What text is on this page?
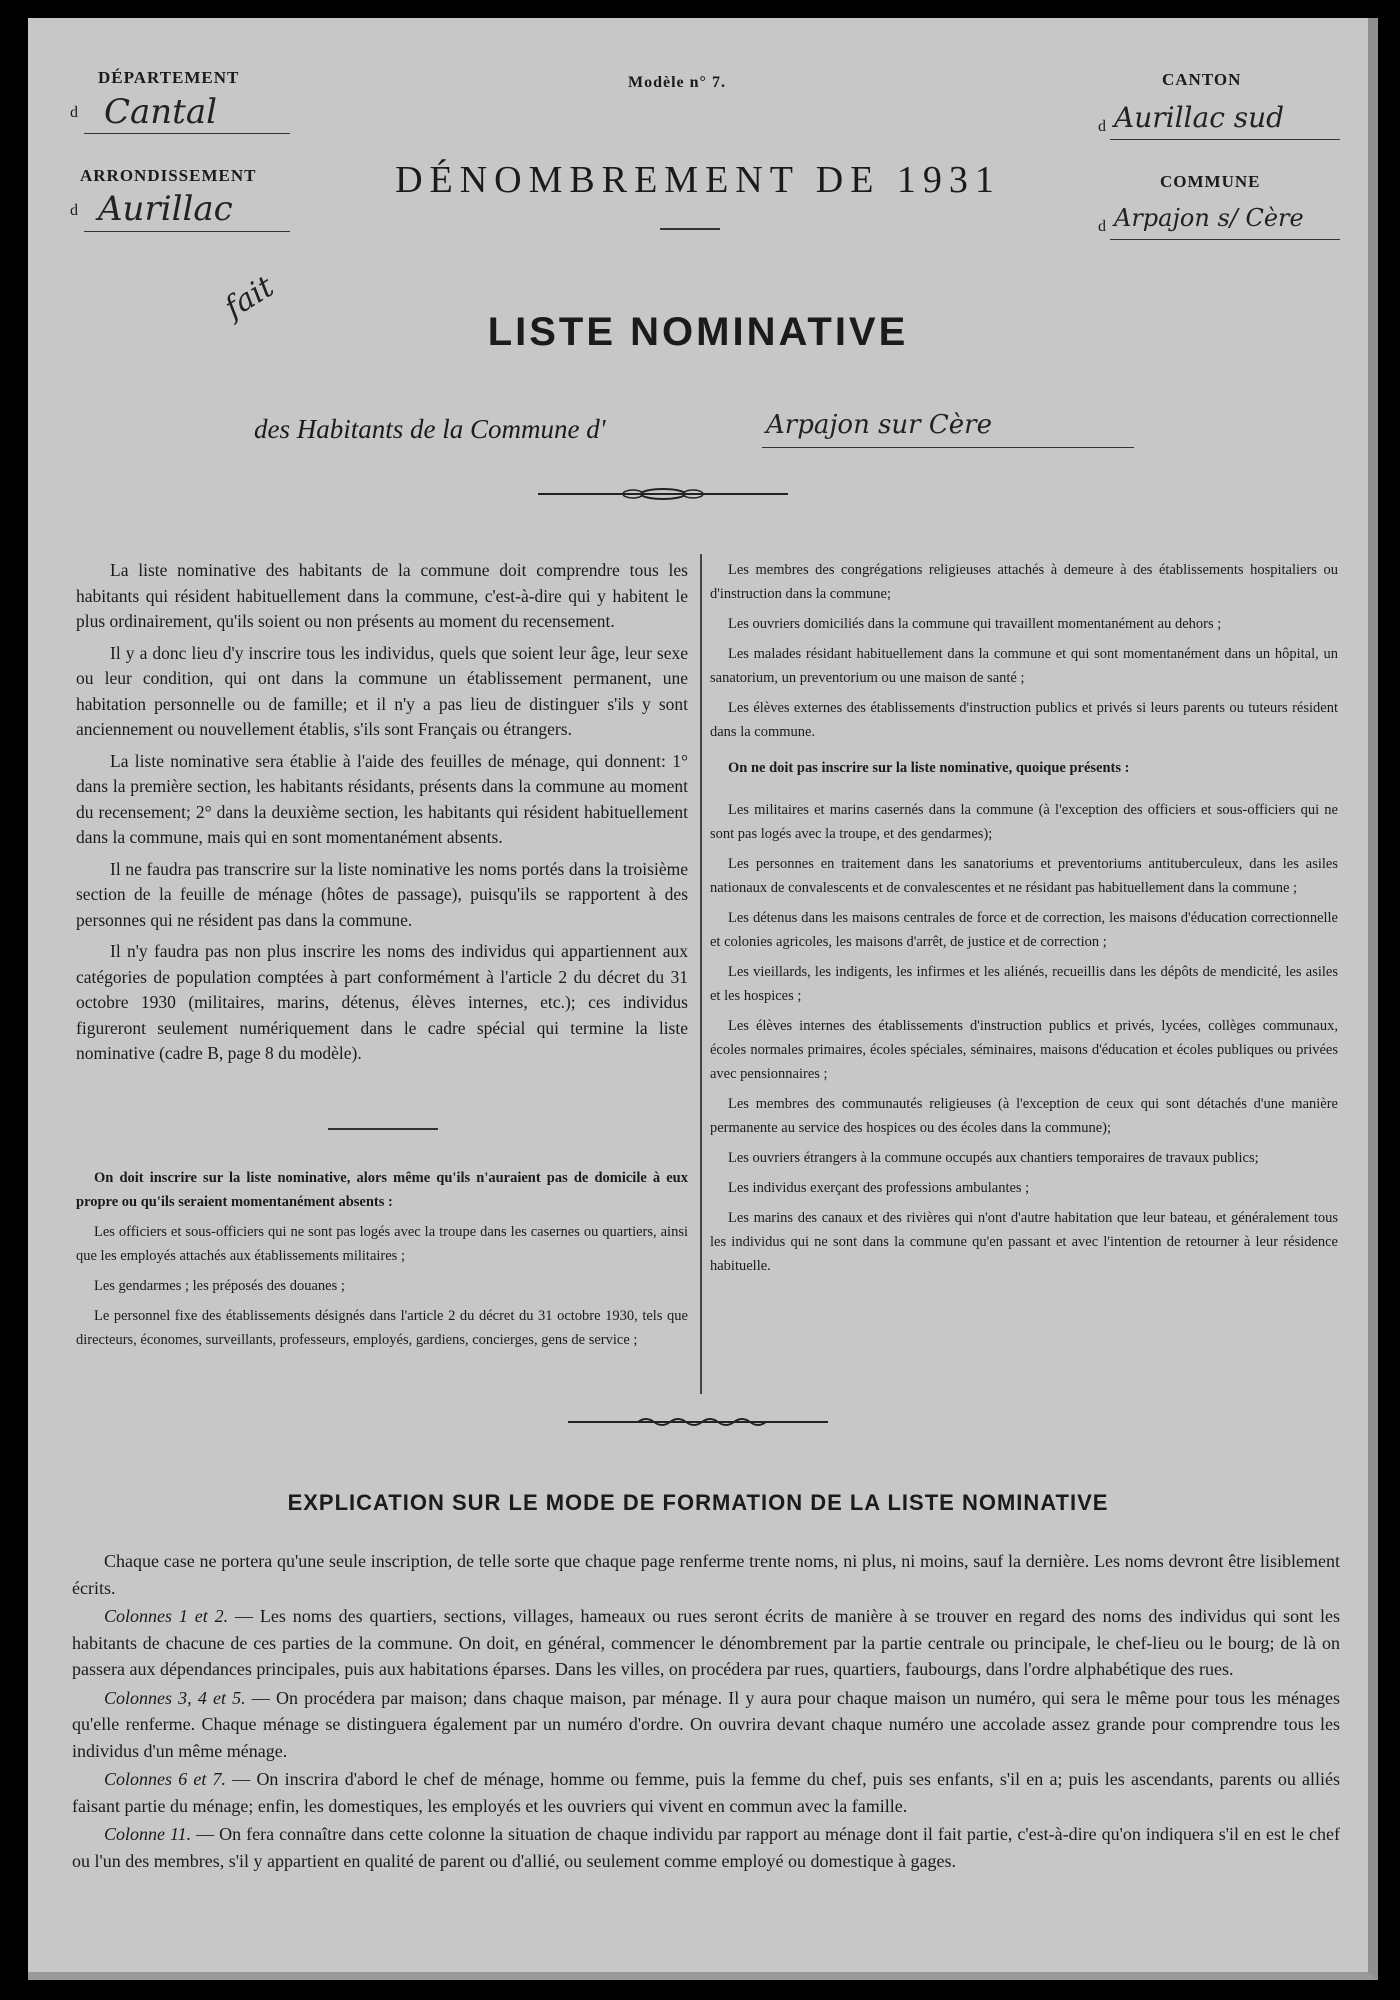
DÉPARTEMENT
d Cantal
ARRONDISSEMENT
d Aurillac
Modèle n° 7.
DÉNOMBREMENT DE 1931
CANTON
d Aurillac sud
COMMUNE
d Arpajon s/ Cère
fait
LISTE NOMINATIVE
des Habitants de la Commune d'	Arpajon sur Cère

La liste nominative des habitants de la commune doit comprendre tous les habitants qui résident habituellement dans la commune, c'est-à-dire qui y habitent le plus ordinairement, qu'ils soient ou non présents au moment du recensement.

Il y a donc lieu d'y inscrire tous les individus, quels que soient leur âge, leur sexe ou leur condition, qui ont dans la commune un établissement permanent, une habitation personnelle ou de famille; et il n'y a pas lieu de distinguer s'ils y sont anciennement ou nouvellement établis, s'ils sont Français ou étrangers.

La liste nominative sera établie à l'aide des feuilles de ménage, qui donnent: 1° dans la première section, les habitants résidants, présents dans la commune au moment du recensement; 2° dans la deuxième section, les habitants qui résident habituellement dans la commune, mais qui en sont momentanément absents.

Il ne faudra pas transcrire sur la liste nominative les noms portés dans la troisième section de la feuille de ménage (hôtes de passage), puisqu'ils se rapportent à des personnes qui ne résident pas dans la commune.

Il n'y faudra pas non plus inscrire les noms des individus qui appartiennent aux catégories de population comptées à part conformément à l'article 2 du décret du 31 octobre 1930 (militaires, marins, détenus, élèves internes, etc.); ces individus figureront seulement numériquement dans le cadre spécial qui termine la liste nominative (cadre B, page 8 du modèle).

On doit inscrire sur la liste nominative, alors même qu'ils n'auraient pas de domicile à eux propre ou qu'ils seraient momentanément absents :

Les officiers et sous-officiers qui ne sont pas logés avec la troupe dans les casernes ou quartiers, ainsi que les employés attachés aux établissements militaires ;

Les gendarmes ; les préposés des douanes ;

Le personnel fixe des établissements désignés dans l'article 2 du décret du 31 octobre 1930, tels que directeurs, économes, surveillants, professeurs, employés, gardiens, concierges, gens de service ;

Les membres des congrégations religieuses attachés à demeure à des établissements hospitaliers ou d'instruction dans la commune;

Les ouvriers domiciliés dans la commune qui travaillent momentanément au dehors ;

Les malades résidant habituellement dans la commune et qui sont momentanément dans un hôpital, un sanatorium, un preventorium ou une maison de santé ;

Les élèves externes des établissements d'instruction publics et privés si leurs parents ou tuteurs résident dans la commune.

On ne doit pas inscrire sur la liste nominative, quoique présents :

Les militaires et marins casernés dans la commune (à l'exception des officiers et sous-officiers qui ne sont pas logés avec la troupe, et des gendarmes);

Les personnes en traitement dans les sanatoriums et preventoriums antituberculeux, dans les asiles nationaux de convalescents et de convalescentes et ne résidant pas habituellement dans la commune ;

Les détenus dans les maisons centrales de force et de correction, les maisons d'éducation correctionnelle et colonies agricoles, les maisons d'arrêt, de justice et de correction ;

Les vieillards, les indigents, les infirmes et les aliénés, recueillis dans les dépôts de mendicité, les asiles et les hospices ;

Les élèves internes des établissements d'instruction publics et privés, lycées, collèges communaux, écoles normales primaires, écoles spéciales, séminaires, maisons d'éducation et écoles publiques ou privées avec pensionnaires ;

Les membres des communautés religieuses (à l'exception de ceux qui sont détachés d'une manière permanente au service des hospices ou des écoles dans la commune);

Les ouvriers étrangers à la commune occupés aux chantiers temporaires de travaux publics;

Les individus exerçant des professions ambulantes ;

Les marins des canaux et des rivières qui n'ont d'autre habitation que leur bateau, et généralement tous les individus qui ne sont dans la commune qu'en passant et avec l'intention de retourner à leur résidence habituelle.

EXPLICATION SUR LE MODE DE FORMATION DE LA LISTE NOMINATIVE

Chaque case ne portera qu'une seule inscription, de telle sorte que chaque page renferme trente noms, ni plus, ni moins, sauf la dernière. Les noms devront être lisiblement écrits.

Colonnes 1 et 2. — Les noms des quartiers, sections, villages, hameaux ou rues seront écrits de manière à se trouver en regard des noms des individus qui sont les habitants de chacune de ces parties de la commune. On doit, en général, commencer le dénombrement par la partie centrale ou principale, le chef-lieu ou le bourg; de là on passera aux dépendances principales, puis aux habitations éparses. Dans les villes, on procédera par rues, quartiers, faubourgs, dans l'ordre alphabétique des rues.

Colonnes 3, 4 et 5. — On procédera par maison; dans chaque maison, par ménage. Il y aura pour chaque maison un numéro, qui sera le même pour tous les ménages qu'elle renferme. Chaque ménage se distinguera également par un numéro d'ordre. On ouvrira devant chaque numéro une accolade assez grande pour comprendre tous les individus d'un même ménage.

Colonnes 6 et 7. — On inscrira d'abord le chef de ménage, homme ou femme, puis la femme du chef, puis ses enfants, s'il en a; puis les ascendants, parents ou alliés faisant partie du ménage; enfin, les domestiques, les employés et les ouvriers qui vivent en commun avec la famille.

Colonne 11. — On fera connaître dans cette colonne la situation de chaque individu par rapport au ménage dont il fait partie, c'est-à-dire qu'on indiquera s'il en est le chef ou l'un des membres, s'il y appartient en qualité de parent ou d'allié, ou seulement comme employé ou domestique à gages.
